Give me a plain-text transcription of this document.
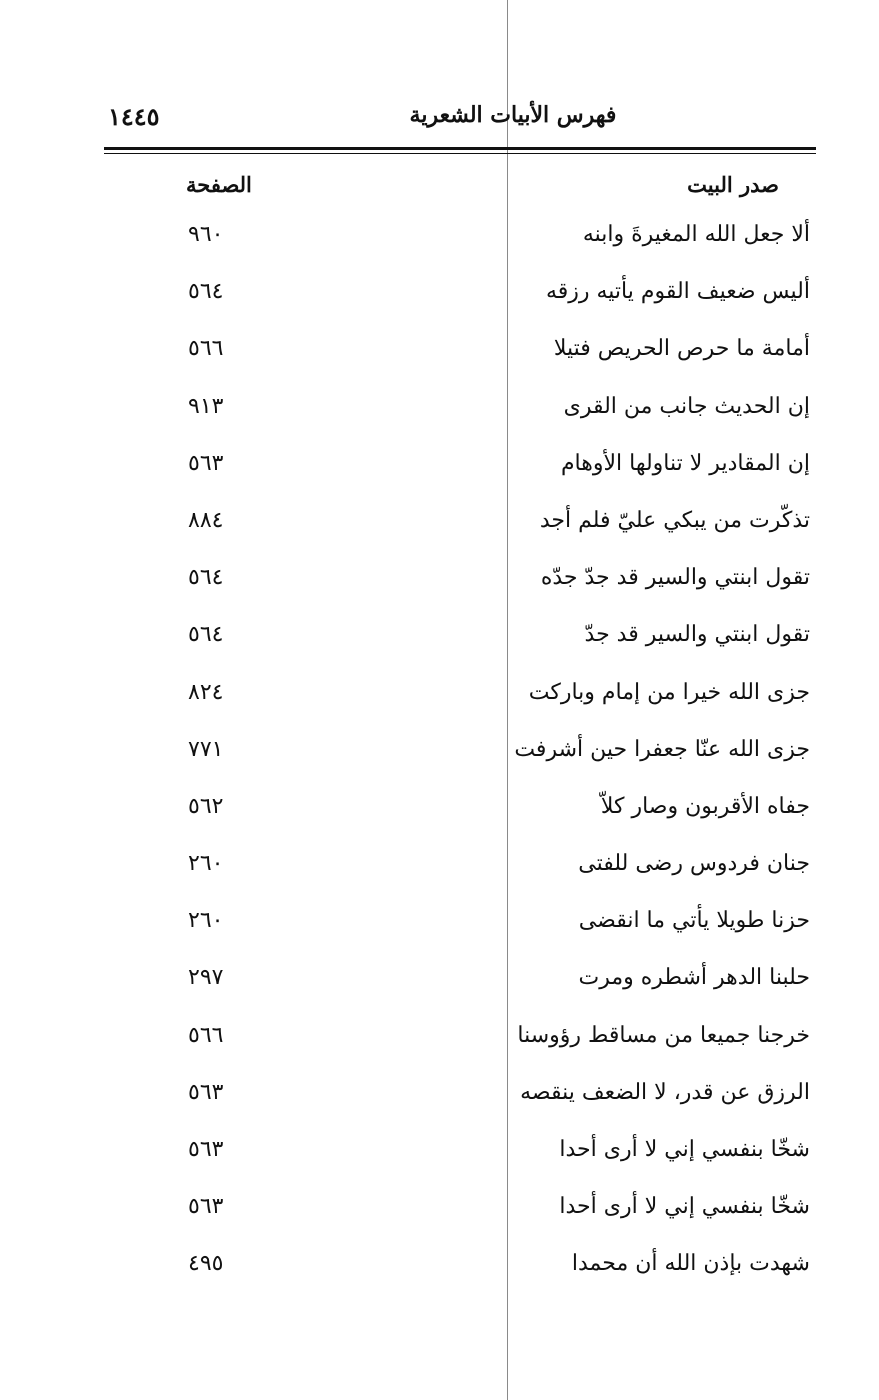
فهرس الأبيات الشعرية
١٤٤٥
صدر البيت
الصفحة
ألا جعل الله المغيرةَ وابنه
٩٦٠
أليس ضعيف القوم يأتيه رزقه
٥٦٤
أمامة ما حرص الحريص فتيلا
٥٦٦
إن الحديث جانب من القرى
٩١٣
إن المقادير لا تناولها الأوهام
٥٦٣
تذكّرت من يبكي عليّ فلم أجد
٨٨٤
تقول ابنتي والسير قد جدّ جدّه
٥٦٤
تقول ابنتي والسير قد جدّ
٥٦٤
جزى الله خيرا من إمام وباركت
٨٢٤
جزى الله عنّا جعفرا حين أشرفت
٧٧١
جفاه الأقربون وصار كلاّ
٥٦٢
جنان فردوس رضى للفتى
٢٦٠
حزنا طويلا يأتي ما انقضى
٢٦٠
حلبنا الدهر أشطره ومرت
٢٩٧
خرجنا جميعا من مساقط رؤوسنا
٥٦٦
الرزق عن قدر، لا الضعف ينقصه
٥٦٣
شخّا بنفسي إني لا أرى أحدا
٥٦٣
شخّا بنفسي إني لا أرى أحدا
٥٦٣
شهدت بإذن الله أن محمدا
٤٩٥
